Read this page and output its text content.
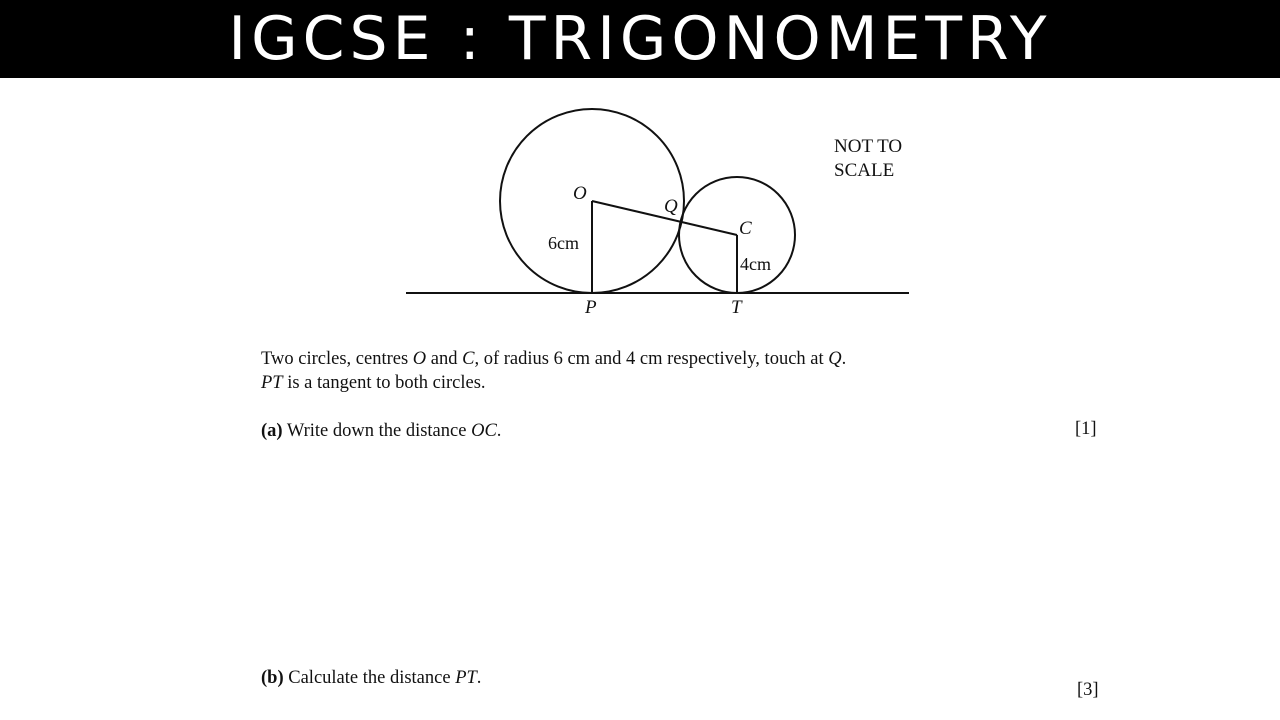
IGCSE : TRIGONOMETRY
O
Q
C
P	T
6cm
4cm
NOT TO
SCALE
Two circles, centres O and C, of radius 6 cm and 4 cm respectively, touch at Q.
PT is a tangent to both circles.
(a) Write down the distance OC.	[1]
(b) Calculate the distance PT.
[3]
